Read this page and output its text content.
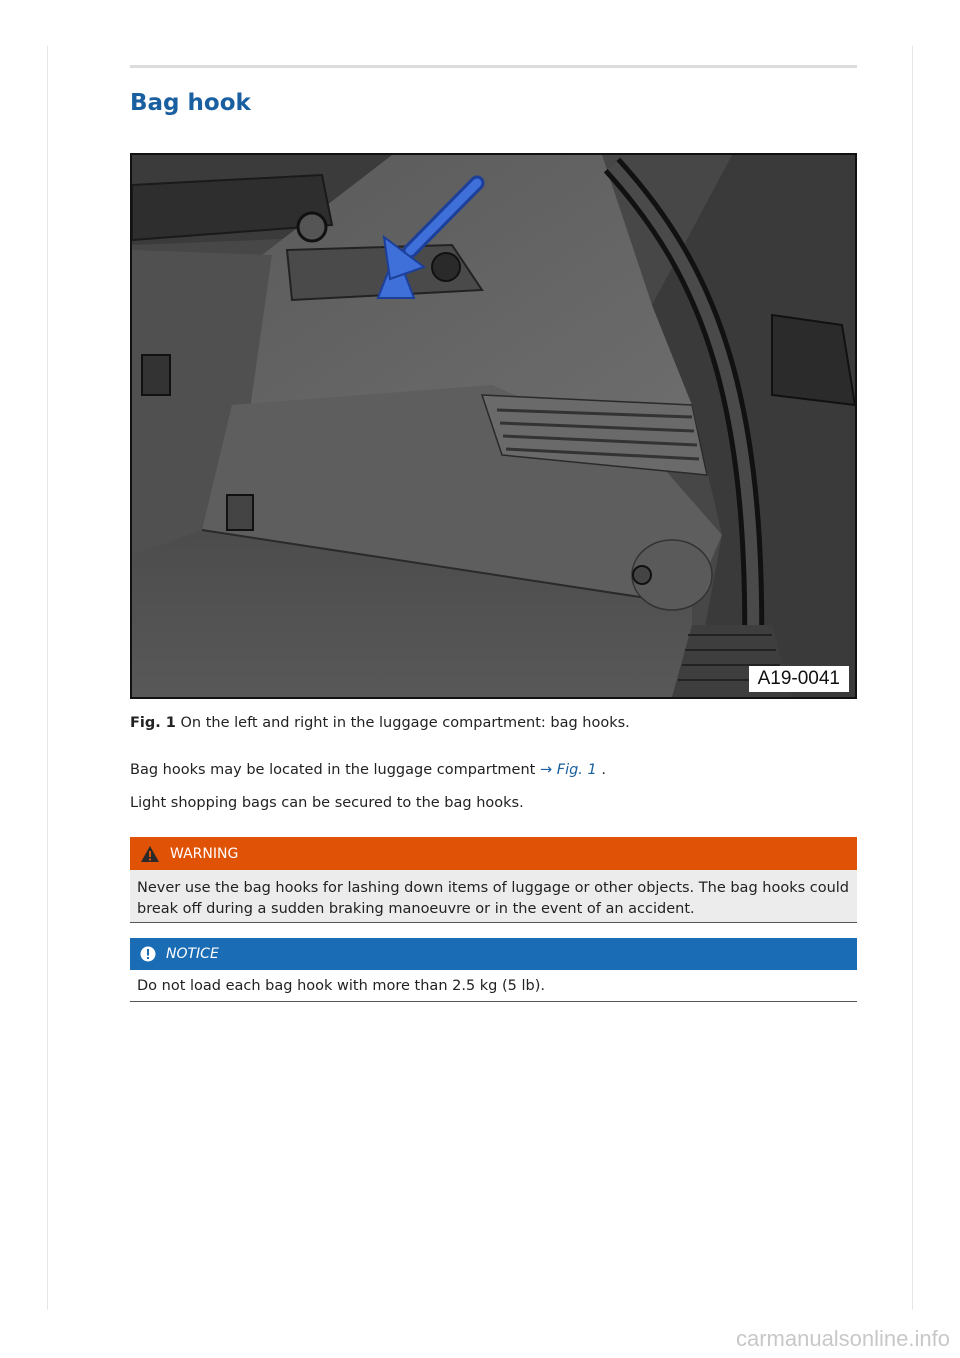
Bag hook
A19-0041
Fig. 1 On the left and right in the luggage compartment: bag hooks.
Bag hooks may be located in the luggage compartment → Fig. 1 .
Light shopping bags can be secured to the bag hooks.
WARNING
Never use the bag hooks for lashing down items of luggage or other objects. The bag hooks could break off during a sudden braking manoeuvre or in the event of an accident.
NOTICE
Do not load each bag hook with more than 2.5 kg (5 lb).
carmanualsonline.info
